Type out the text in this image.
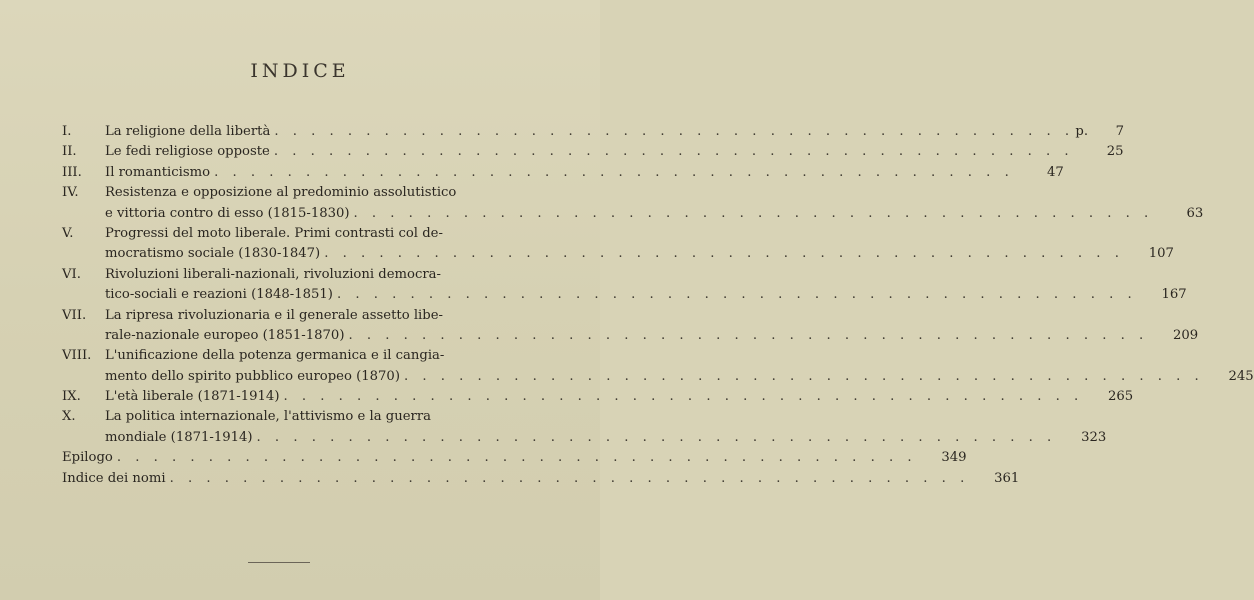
INDICE
I.	La religione della libertà . . . . . . . . . . . . . . . . . . . . . . . . . . . . . . . . . . . . . . . . . . . . p.	7
II.	Le fedi religiose opposte . . . . . . . . . . . . . . . . . . . . . . . . . . . . . . . . . . . . . . . . . . . .	25
III.	Il romanticismo . . . . . . . . . . . . . . . . . . . . . . . . . . . . . . . . . . . . . . . . . . . .	47
IV.	Resistenza e opposizione al predominio assolutistico
e vittoria contro di esso (1815-1830) . . . . . . . . . . . . . . . . . . . . . . . . . . . . . . . . . . . . . . . . . . . .	63
V.	Progressi del moto liberale. Primi contrasti col de-
mocratismo sociale (1830-1847) . . . . . . . . . . . . . . . . . . . . . . . . . . . . . . . . . . . . . . . . . . . .	107
VI.	Rivoluzioni liberali-nazionali, rivoluzioni democra-
tico-sociali e reazioni (1848-1851) . . . . . . . . . . . . . . . . . . . . . . . . . . . . . . . . . . . . . . . . . . . .	167
VII.	La ripresa rivoluzionaria e il generale assetto libe-
rale-nazionale europeo (1851-1870) . . . . . . . . . . . . . . . . . . . . . . . . . . . . . . . . . . . . . . . . . . . .	209
VIII.	L'unificazione della potenza germanica e il cangia-
mento dello spirito pubblico europeo (1870) . . . . . . . . . . . . . . . . . . . . . . . . . . . . . . . . . . . . . . . . . . . .	245
IX.	L'età liberale (1871-1914) . . . . . . . . . . . . . . . . . . . . . . . . . . . . . . . . . . . . . . . . . . . .	265
X.	La politica internazionale, l'attivismo e la guerra
mondiale (1871-1914) . . . . . . . . . . . . . . . . . . . . . . . . . . . . . . . . . . . . . . . . . . . .	323
Epilogo . . . . . . . . . . . . . . . . . . . . . . . . . . . . . . . . . . . . . . . . . . . .	349
Indice dei nomi . . . . . . . . . . . . . . . . . . . . . . . . . . . . . . . . . . . . . . . . . . . .	361
